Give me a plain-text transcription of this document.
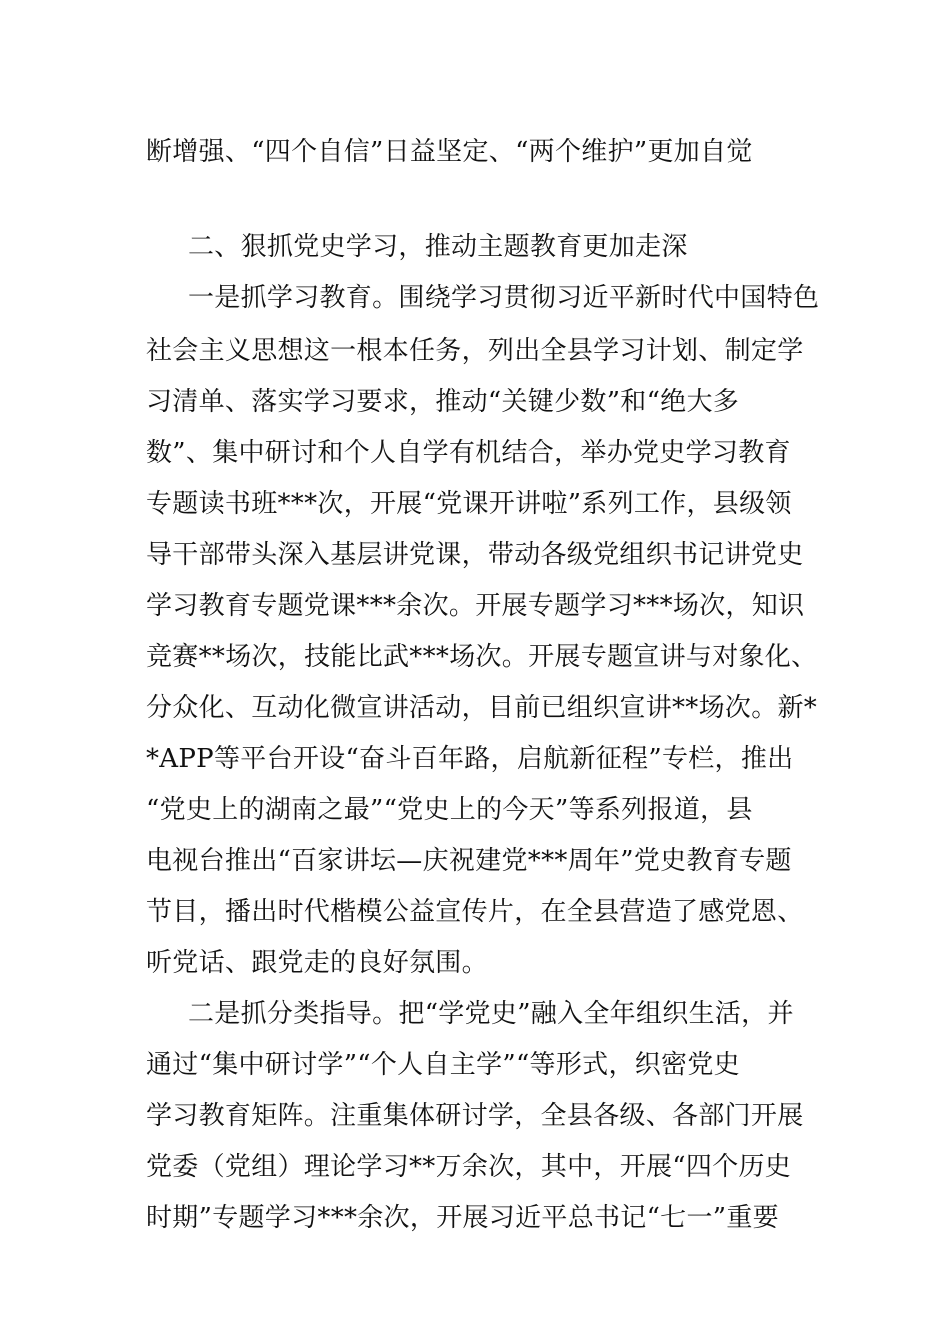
断增强、“四个自信”日益坚定、“两个维护”更加自觉
二、狠抓党史学习，推动主题教育更加走深
一是抓学习教育。围绕学习贯彻习近平新时代中国特色
社会主义思想这一根本任务，列出全县学习计划、制定学
习清单、落实学习要求，推动“关键少数”和“绝大多
数”、集中研讨和个人自学有机结合，举办党史学习教育
专题读书班***次，开展“党课开讲啦”系列工作，县级领
导干部带头深入基层讲党课，带动各级党组织书记讲党史
学习教育专题党课***余次。开展专题学习***场次，知识
竞赛**场次，技能比武***场次。开展专题宣讲与对象化、
分众化、互动化微宣讲活动，目前已组织宣讲**场次。新*
*APP等平台开设“奋斗百年路，启航新征程”专栏，推出
“党史上的湖南之最”“党史上的今天”等系列报道，县
电视台推出“百家讲坛—庆祝建党***周年”党史教育专题
节目，播出时代楷模公益宣传片，在全县营造了感党恩、
听党话、跟党走的良好氛围。
二是抓分类指导。把“学党史”融入全年组织生活，并
通过“集中研讨学”“个人自主学”“等形式，织密党史
学习教育矩阵。注重集体研讨学，全县各级、各部门开展
党委（党组）理论学习**万余次，其中，开展“四个历史
时期”专题学习***余次，开展习近平总书记“七一”重要
